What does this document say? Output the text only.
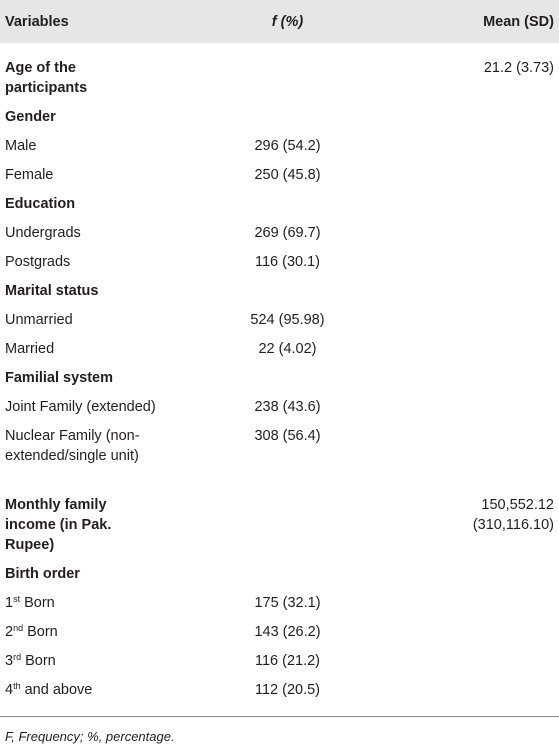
Variables	f (%)	Mean (SD)
Age of the participants		21.2 (3.73)
Gender		
Male	296 (54.2)	
Female	250 (45.8)	
Education		
Undergrads	269 (69.7)	
Postgrads	116 (30.1)	
Marital status		
Unmarried	524 (95.98)	
Married	22 (4.02)	
Familial system		
Joint Family (extended)	238 (43.6)	
Nuclear Family (non-extended/single unit)	308 (56.4)	
Monthly family income (in Pak. Rupee)		150,552.12 (310,116.10)
Birth order		
1st Born	175 (32.1)	
2nd Born	143 (26.2)	
3rd Born	116 (21.2)	
4th and above	112 (20.5)	
F, Frequency; %, percentage.
